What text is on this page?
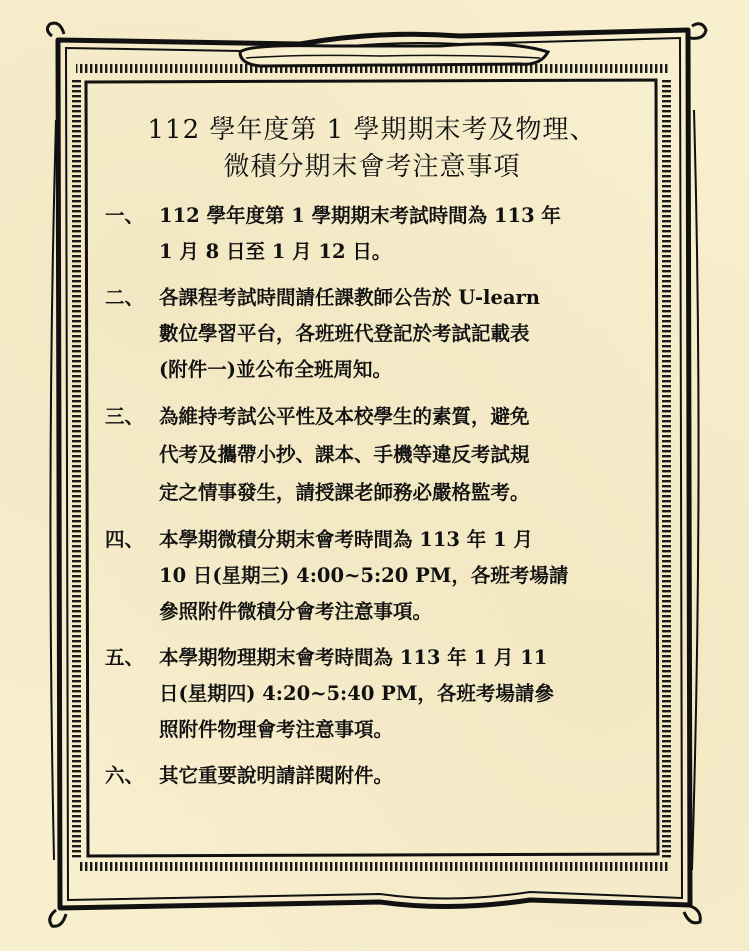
112 學年度第 1 學期期末考及物理、
微積分期末會考注意事項
一、 112 學年度第 1 學期期末考試時間為 113 年
1 月 8 日至 1 月 12 日。
二、 各課程考試時間請任課教師公告於 U-learn
數位學習平台，各班班代登記於考試記載表
(附件一)並公布全班周知。
三、 為維持考試公平性及本校學生的素質，避免
代考及攜帶小抄、課本、手機等違反考試規
定之情事發生，請授課老師務必嚴格監考。
四、 本學期微積分期末會考時間為 113 年 1 月
10 日(星期三) 4:00~5:20 PM，各班考場請
參照附件微積分會考注意事項。
五、 本學期物理期末會考時間為 113 年 1 月 11
日(星期四) 4:20~5:40 PM，各班考場請參
照附件物理會考注意事項。
六、 其它重要說明請詳閱附件。
